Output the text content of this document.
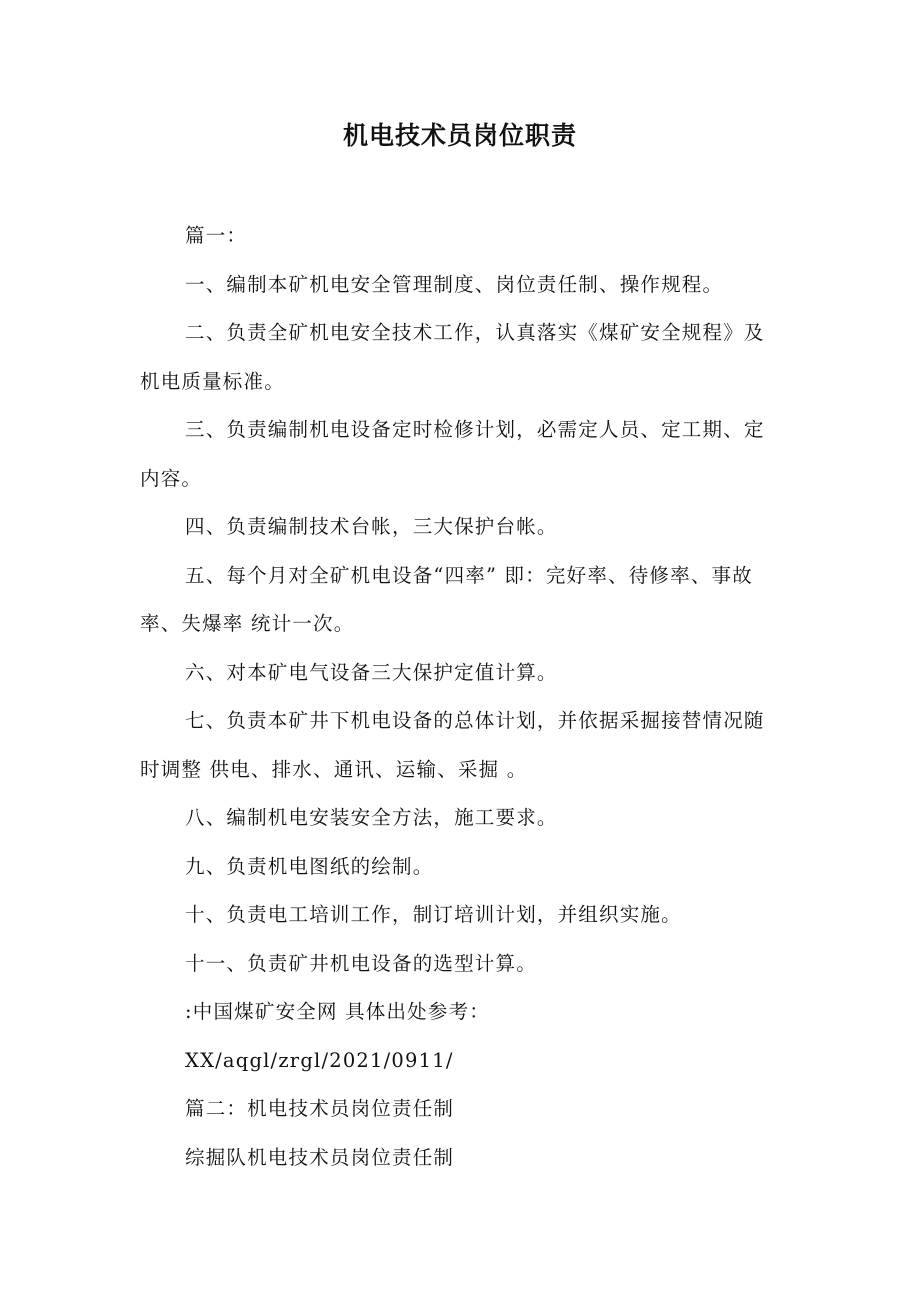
机电技术员岗位职责

篇一：

一、编制本矿机电安全管理制度、岗位责任制、操作规程。

二、负责全矿机电安全技术工作，认真落实《煤矿安全规程》及机电质量标准。

三、负责编制机电设备定时检修计划，必需定人员、定工期、定内容。

四、负责编制技术台帐，三大保护台帐。

五、每个月对全矿机电设备“四率” 即：完好率、待修率、事故率、失爆率 统计一次。

六、对本矿电气设备三大保护定值计算。

七、负责本矿井下机电设备的总体计划，并依据采掘接替情况随时调整 供电、排水、通讯、运输、采掘 。

八、编制机电安装安全方法，施工要求。

九、负责机电图纸的绘制。

十、负责电工培训工作，制订培训计划，并组织实施。

十一、负责矿井机电设备的选型计算。

:中国煤矿安全网 具体出处参考：

XX/aqgl/zrgl/2021/0911/

篇二：机电技术员岗位责任制

综掘队机电技术员岗位责任制
